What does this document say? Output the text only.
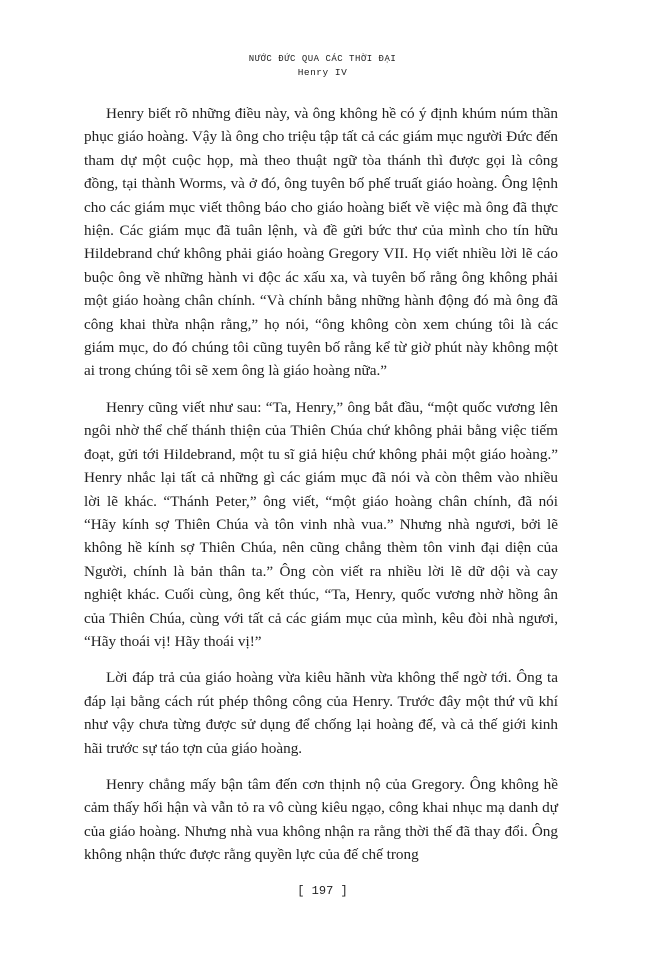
NƯỚC ĐỨC QUA CÁC THỜI ĐẠI
Henry IV

Henry biết rõ những điều này, và ông không hề có ý định khúm núm thần phục giáo hoàng. Vậy là ông cho triệu tập tất cả các giám mục người Đức đến tham dự một cuộc họp, mà theo thuật ngữ tòa thánh thì được gọi là công đồng, tại thành Worms, và ở đó, ông tuyên bố phế truất giáo hoàng. Ông lệnh cho các giám mục viết thông báo cho giáo hoàng biết về việc mà ông đã thực hiện. Các giám mục đã tuân lệnh, và đề gửi bức thư của mình cho tín hữu Hildebrand chứ không phải giáo hoàng Gregory VII. Họ viết nhiều lời lẽ cáo buộc ông về những hành vi độc ác xấu xa, và tuyên bố rằng ông không phải một giáo hoàng chân chính. “Và chính bằng những hành động đó mà ông đã công khai thừa nhận rằng,” họ nói, “ông không còn xem chúng tôi là các giám mục, do đó chúng tôi cũng tuyên bố rằng kể từ giờ phút này không một ai trong chúng tôi sẽ xem ông là giáo hoàng nữa.”

Henry cũng viết như sau: “Ta, Henry,” ông bắt đầu, “một quốc vương lên ngôi nhờ thể chế thánh thiện của Thiên Chúa chứ không phải bằng việc tiếm đoạt, gửi tới Hildebrand, một tu sĩ giả hiệu chứ không phải một giáo hoàng.” Henry nhắc lại tất cả những gì các giám mục đã nói và còn thêm vào nhiều lời lẽ khác. “Thánh Peter,” ông viết, “một giáo hoàng chân chính, đã nói “Hãy kính sợ Thiên Chúa và tôn vinh nhà vua.” Nhưng nhà ngươi, bởi lẽ không hề kính sợ Thiên Chúa, nên cũng chẳng thèm tôn vinh đại diện của Người, chính là bản thân ta.” Ông còn viết ra nhiều lời lẽ dữ dội và cay nghiệt khác. Cuối cùng, ông kết thúc, “Ta, Henry, quốc vương nhờ hồng ân của Thiên Chúa, cùng với tất cả các giám mục của mình, kêu đòi nhà ngươi, “Hãy thoái vị! Hãy thoái vị!”

Lời đáp trả của giáo hoàng vừa kiêu hãnh vừa không thể ngờ tới. Ông ta đáp lại bằng cách rút phép thông công của Henry. Trước đây một thứ vũ khí như vậy chưa từng được sử dụng để chống lại hoàng đế, và cả thế giới kinh hãi trước sự táo tợn của giáo hoàng.

Henry chẳng mấy bận tâm đến cơn thịnh nộ của Gregory. Ông không hề cảm thấy hối hận và vẫn tỏ ra vô cùng kiêu ngạo, công khai nhục mạ danh dự của giáo hoàng. Nhưng nhà vua không nhận ra rằng thời thế đã thay đổi. Ông không nhận thức được rằng quyền lực của đế chế trong

[ 197 ]
